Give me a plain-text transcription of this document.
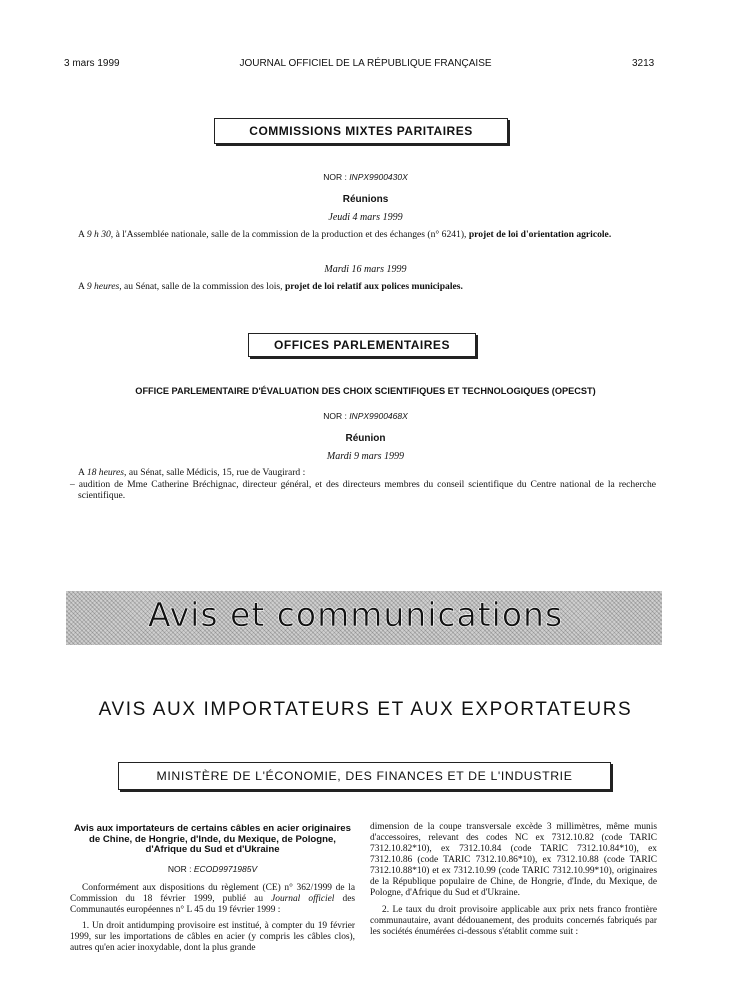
3 mars 1999	JOURNAL OFFICIEL DE LA RÉPUBLIQUE FRANÇAISE	3213
COMMISSIONS MIXTES PARITAIRES
NOR : INPX9900430X
Réunions
Jeudi 4 mars 1999
A 9 h 30, à l'Assemblée nationale, salle de la commission de la production et des échanges (n° 6241), projet de loi d'orientation agricole.
Mardi 16 mars 1999
A 9 heures, au Sénat, salle de la commission des lois, projet de loi relatif aux polices municipales.
OFFICES PARLEMENTAIRES
OFFICE PARLEMENTAIRE D'ÉVALUATION DES CHOIX SCIENTIFIQUES ET TECHNOLOGIQUES (OPECST)
NOR : INPX9900468X
Réunion
Mardi 9 mars 1999
A 18 heures, au Sénat, salle Médicis, 15, rue de Vaugirard :
– audition de Mme Catherine Bréchignac, directeur général, et des directeurs membres du conseil scientifique du Centre national de la recherche scientifique.
Avis et communications
AVIS AUX IMPORTATEURS ET AUX EXPORTATEURS
MINISTÈRE DE L'ÉCONOMIE, DES FINANCES ET DE L'INDUSTRIE
Avis aux importateurs de certains câbles en acier originaires de Chine, de Hongrie, d'Inde, du Mexique, de Pologne, d'Afrique du Sud et d'Ukraine
NOR : ECOD9971985V

Conformément aux dispositions du règlement (CE) n° 362/1999 de la Commission du 18 février 1999, publié au Journal officiel des Communautés européennes n° L 45 du 19 février 1999 :

1. Un droit antidumping provisoire est institué, à compter du 19 février 1999, sur les importations de câbles en acier (y compris les câbles clos), autres qu'en acier inoxydable, dont la plus grande

dimension de la coupe transversale excède 3 millimètres, même munis d'accessoires, relevant des codes NC ex 7312.10.82 (code TARIC 7312.10.82*10), ex 7312.10.84 (code TARIC 7312.10.84*10), ex 7312.10.86 (code TARIC 7312.10.86*10), ex 7312.10.88 (code TARIC 7312.10.88*10) et ex 7312.10.99 (code TARIC 7312.10.99*10), originaires de la République populaire de Chine, de Hongrie, d'Inde, du Mexique, de Pologne, d'Afrique du Sud et d'Ukraine.

2. Le taux du droit provisoire applicable aux prix nets franco frontière communautaire, avant dédouanement, des produits concernés fabriqués par les sociétés énumérées ci-dessous s'établit comme suit :
